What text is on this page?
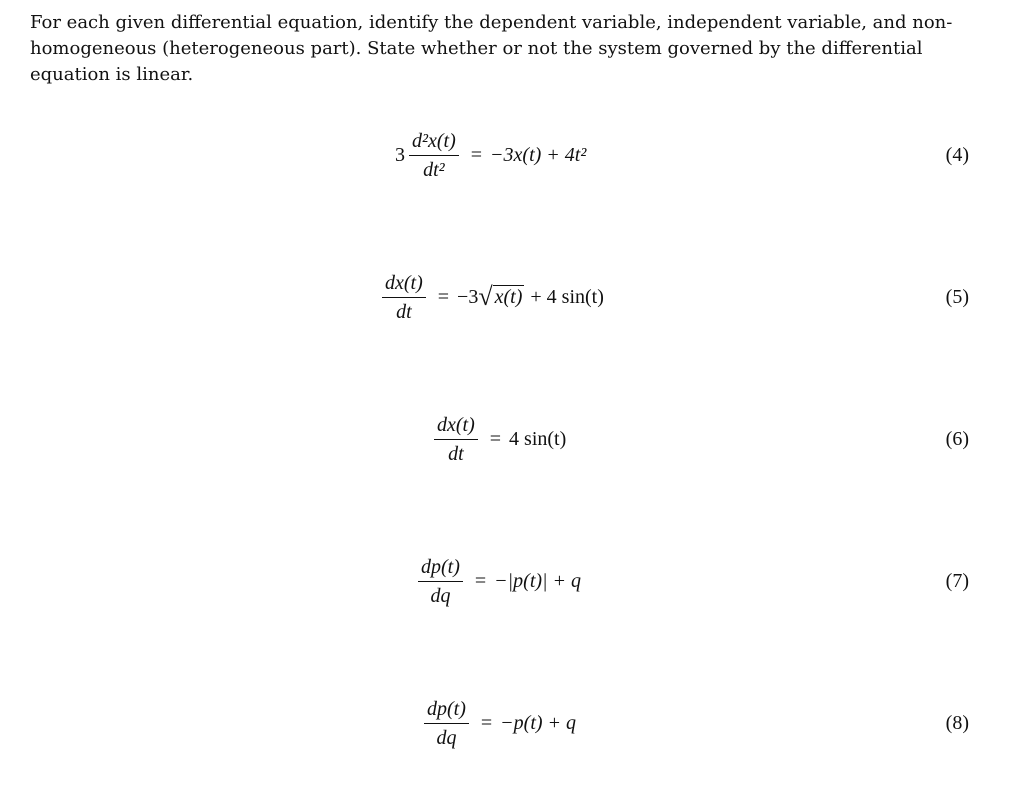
For each given differential equation, identify the dependent variable, independent variable, and non-homogeneous (heterogeneous part). State whether or not the system governed by the differential equation is linear.

$3 \frac{\text{d²x(t)}}{\text{dt²}} = -3x(t) + 4t^2$	(4)
$\frac{dx(t)}{dt} = -3$ √ x(t) + 4 sin(t)	(5)
$\frac{dx(t)}{dt} = 4$ sin(t)	(6)
$\frac{dp(t)}{dq} = -|p(t)| + q$	(7)
$\frac{dp(t)}{dq} = -p(t) + q$	(8)
